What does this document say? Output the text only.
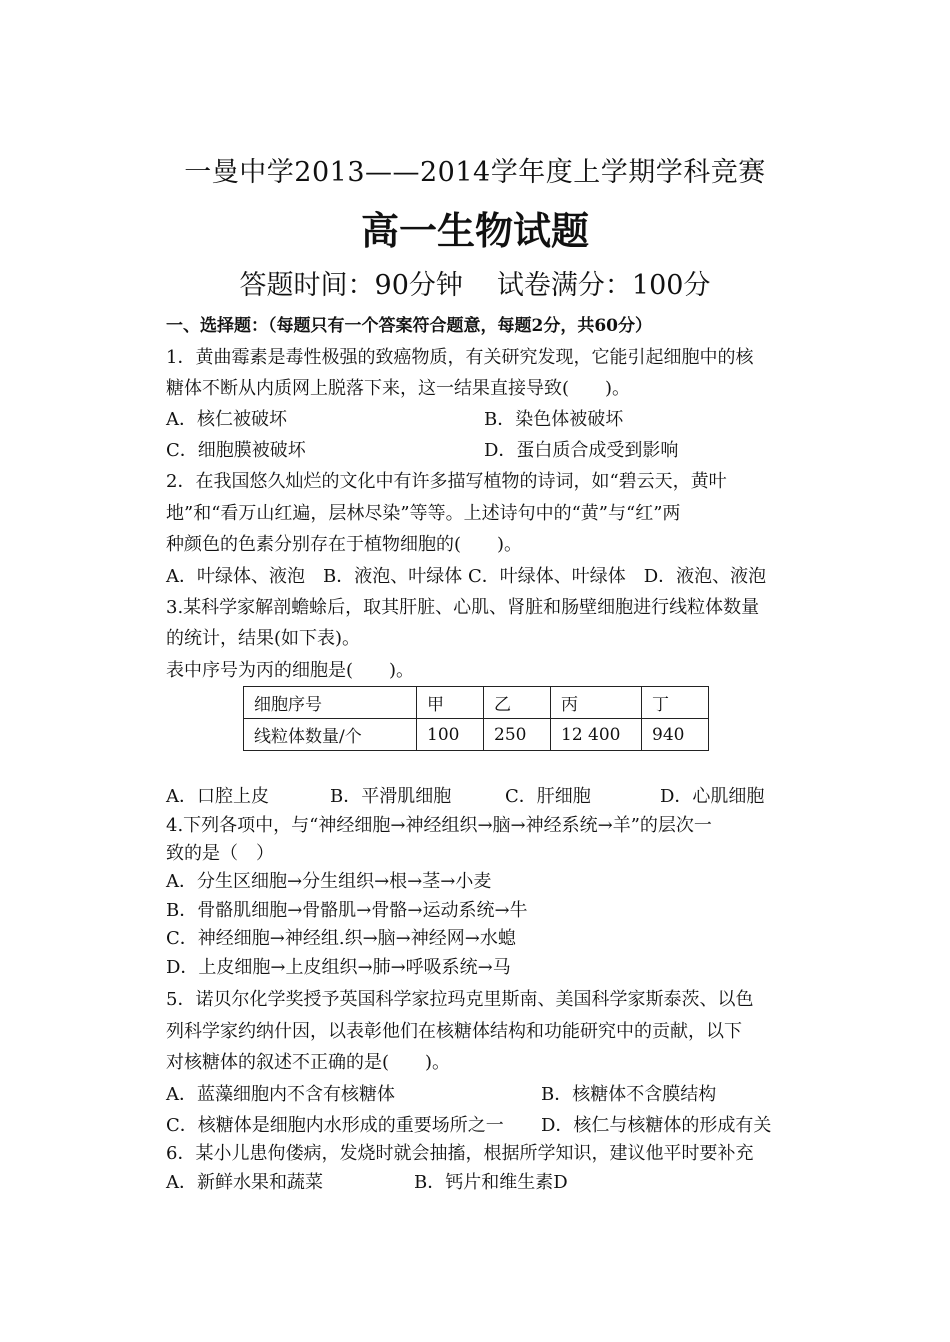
一曼中学2013——2014学年度上学期学科竞赛
高一生物试题
答题时间：90分钟 试卷满分：100分
一、选择题：（每题只有一个答案符合题意，每题2分，共60分）
1．黄曲霉素是毒性极强的致癌物质，有关研究发现，它能引起细胞中的核
糖体不断从内质网上脱落下来，这一结果直接导致(　　)。
A．核仁被破坏	B．染色体被破坏
C．细胞膜被破坏	D．蛋白质合成受到影响
2．在我国悠久灿烂的文化中有许多描写植物的诗词，如“碧云天，黄叶
地”和“看万山红遍，层林尽染”等等。上述诗句中的“黄”与“红”两
种颜色的色素分别存在于植物细胞的(　　)。
A．叶绿体、液泡　B．液泡、叶绿体 C．叶绿体、叶绿体　D．液泡、液泡
3.某科学家解剖蟾蜍后，取其肝脏、心肌、肾脏和肠壁细胞进行线粒体数量
的统计，结果(如下表)。
表中序号为丙的细胞是(　　)。
细胞序号	甲	乙	丙	丁
线粒体数量/个	100	250	12 400	940
A．口腔上皮	B．平滑肌细胞	C．肝细胞	D．心肌细胞
4.下列各项中，与“神经细胞→神经组织→脑→神经系统→羊”的层次一
致的是（　）
A．分生区细胞→分生组织→根→茎→小麦
B．骨骼肌细胞→骨骼肌→骨骼→运动系统→牛
C．神经细胞→神经组.织→脑→神经网→水螅
D．上皮细胞→上皮组织→肺→呼吸系统→马
5．诺贝尔化学奖授予英国科学家拉玛克里斯南、美国科学家斯泰茨、以色
列科学家约纳什因，以表彰他们在核糖体结构和功能研究中的贡献，以下
对核糖体的叙述不正确的是(　　)。
A．蓝藻细胞内不含有核糖体	B．核糖体不含膜结构
C．核糖体是细胞内水形成的重要场所之一 D．核仁与核糖体的形成有关
6．某小儿患佝偻病，发烧时就会抽搐，根据所学知识，建议他平时要补充
A．新鲜水果和蔬菜	B．钙片和维生素D
